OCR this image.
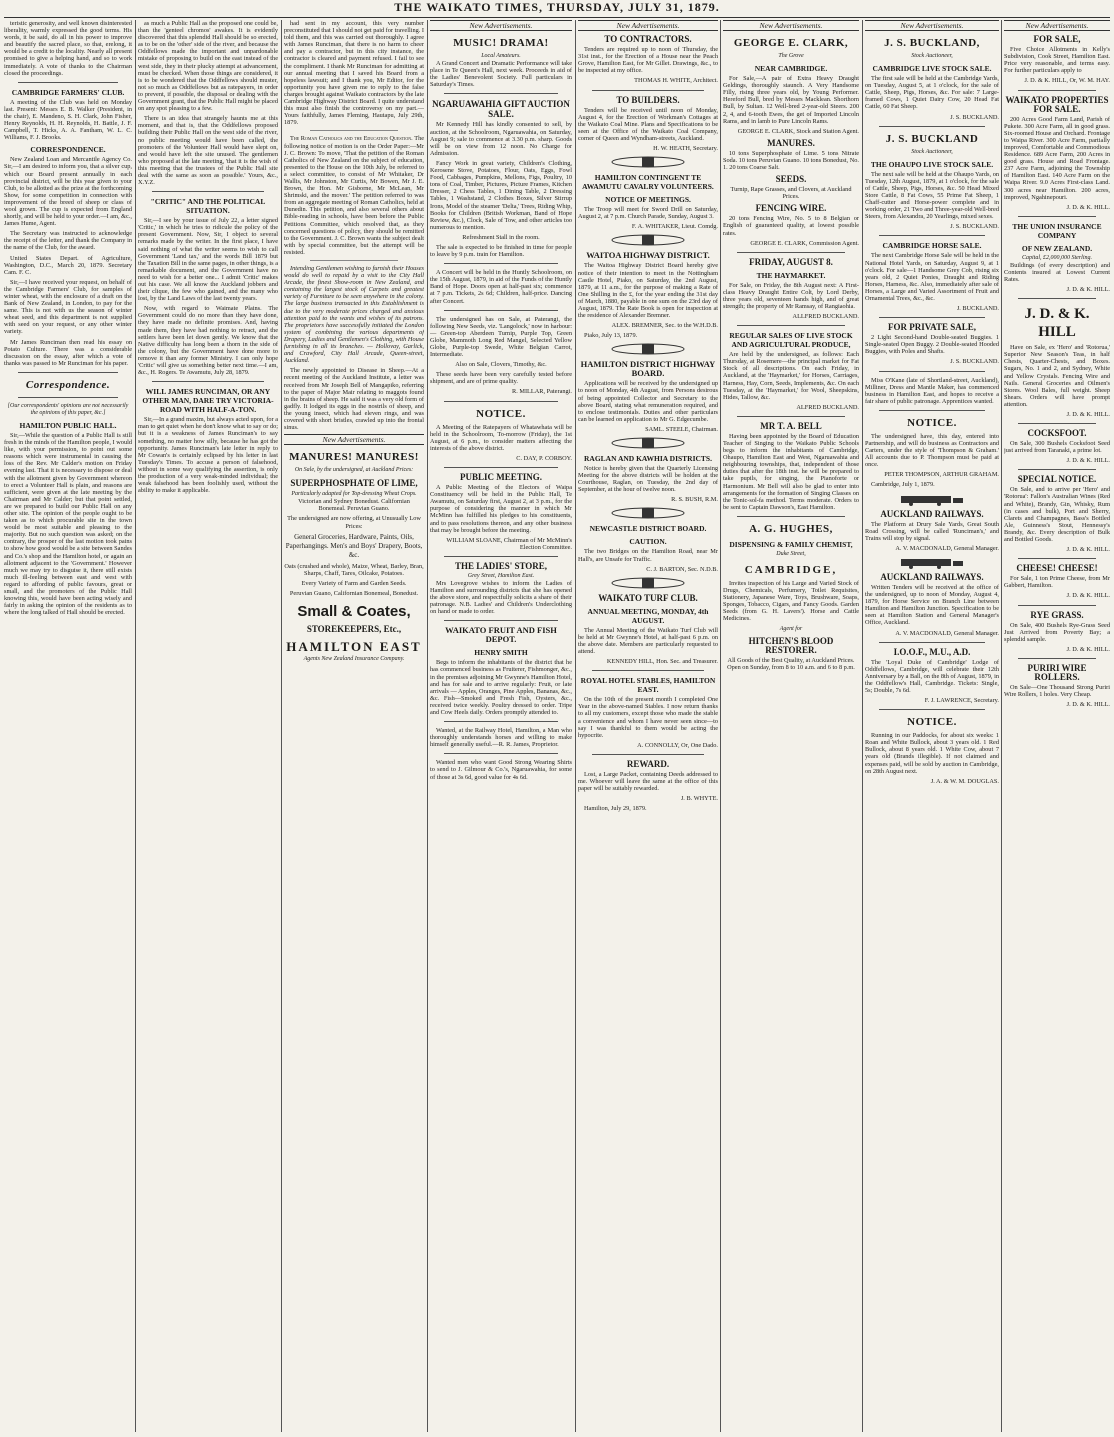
THE WAIKATO TIMES, THURSDAY, JULY 31, 1879.

teristic generosity, and well known disinterested liberality, warmly expressed the good terms. His words, it be said, do all in his power to improve and beautify the sacred place, so that, erelong, it would be a credit to the locality. Nearly all present promised to give a helping hand, and so to work immediately. A vote of thanks to the Chairman closed the proceedings.

CAMBRIDGE FARMERS' CLUB.

A meeting of the Club was held on Monday last. Present: Messrs E. B. Walker (President, in the chair), E. Mandeno, S. H. Clark, John Fisher, Henry Reynolds, H. H. Reynolds, H. Battle, J. F. Campbell, T. Hicks, A. A. Fantham, W. L. C. Williams, F. J. Brooks.

CORRESPONDENCE.

New Zealand Loan and Mercantile Agency Co. Sir,—I am desired to inform you, that a silver cup, which our Board present annually in each provincial district, will be this year given to your Club, to be allotted as the prize at the forthcoming Show, for some competition in connection with improvement of the breed of sheep or class of wool grown. The cup is expected from England shortly, and will be held to your order.—I am, &c., James Hume, Agent.

The Secretary was instructed to acknowledge the receipt of the letter, and thank the Company in the name of the Club, for the award.

United States Depart. of Agriculture, Washington, D.C., March 20, 1879. Secretary Cam. F. C.

Sir,—I have received your request, on behalf of the Cambridge Farmers' Club, for samples of winter wheat, with the enclosure of a draft on the Bank of New Zealand, in London, to pay for the same. This is not with us the season of winter wheat seed, and this department is not supplied with seed on your request, or any other winter variety.

Mr James Runciman then read his essay on Potato Culture. There was a considerable discussion on the essay, after which a vote of thanks was passed to Mr Runciman for his paper.

Correspondence.
[Our correspondents' opinions are not necessarily the opinions of this paper, &c.]
HAMILTON PUBLIC HALL.

Sir,—While the question of a Public Hall is still fresh in the minds of the Hamilton people, I would like, with your permission, to point out some reasons which were instrumental in causing the loss of the Rev. Mr Calder's motion on Friday evening last. That it is necessary to dispose or deal with the allotment given by Government whereon to erect a Volunteer Hall is plain, and reasons are sufficient, were given at the late meeting by the Chairman and Mr Calder; but that point settled, are we prepared to build our Public Hall on any other site. The opinion of the people ought to be taken as to which procurable site in the town would be most suitable and pleasing to the majority. But no such question was asked; on the contrary, the prosper of the last motion took pains to show how good would be a site between Sandes and Co.'s shop and the Hamilton hotel, or again an allotment adjacent to the 'Government.' However much we may try to disguise it, there still exists much ill-feeling between east and west with regard to affording of public favours, great or small, and the promoters of the Public Hall knowing this, would have been acting wisely and fairly in asking the opinion of the residents as to where the long talked of Hall should be erected.

as much a Public Hall as the proposed one could be, than the 'genteel chromos' awakes. It is evidently discovered that this splendid Hall should be so erected, as to be on the 'other' side of the river, and because the Oddfellows made the important and unpardonable mistake of proposing to build on the east instead of the west side, they in their plucky attempt at advancement, must be checked. When those things are considered, it is to be wondered that the Oddfellows should muster, not so much as Oddfellows but as ratepayers, in order to prevent, if possible, the disposal or dealing with the Government grant, that the Public Hall might be placed on any spot pleasing to a few.

There is an idea that strangely haunts me at this moment, and that is, that the Oddfellows proposed building their Public Hall on the west side of the river, no public meeting would have been called, the promoters of the Volunteer Hall would have slept on, and would have left the site unused. The gentlemen who proposed at the late meeting, 'that it is the wish of this meeting that the trustees of the Public Hall site deal with the same as soon as possible.' Yours, &c., X.Y.Z.

"CRITIC" AND THE POLITICAL SITUATION.

Sir,—I see by your issue of July 22, a letter signed 'Critic,' in which he tries to ridicule the policy of the present Government. Now, Sir, I object to several remarks made by the writer. In the first place, I have said nothing of what the writer seems to wish to call Government 'Land tax,' and the words Bill 1879 but the Taxation Bill in the same pages, in other things, is a remarkable document, and the Government have no need to wish for a better one... I admit 'Critic' makes out his case. We all know the Auckland jobbers and their clique, the few who gained, and the many who lost, by the Land Laws of the last twenty years.

Now, with regard to Waimate Plains. The Government could do no more than they have done, they have made no definite promises. And, having made them, they have had nothing to retract, and the settlers have been let down gently. We know that the Native difficulty has long been a thorn in the side of the colony, but the Government have done more to remove it than any former Ministry. I can only hope 'Critic' will give us something better next time.—I am, &c., H. Rogers. Te Awamutu, July 28, 1879.

WILL JAMES RUNCIMAN, OR ANY OTHER MAN, DARE TRY VICTORIA-ROAD WITH HALF-A-TON.

Sir,—In a grand maxim, but always acted upon, for a man to get quiet when he don't know what to say or do; but it is a weakness of James Runciman's to say something, no matter how silly, because he has got the opportunity. James Runciman's late letter in reply to Mr Cowan's is certainly eclipsed by his letter in last Tuesday's Times. To accuse a person of falsehood, without in some way qualifying the assertion, is only the production of a very weak-minded individual; the weak falsehood has been foolishly used, without the ability to make it applicable.

had sent in my account, this very number preconstituted that I should not get paid for travelling. I told them, and this was carried out thoroughly. I agree with James Runciman, that there is no harm to cheer and pay a contractor, but in this city instance, the contractor is cleared and payment refused. I fail to see the compliment. I thank Mr Runciman for admitting at our annual meeting that I saved his Board from a hopeless lawsuit; and I thank you, Mr Editor, for the opportunity you have given me to reply to the false charges brought against Waikato contractors by the late Cambridge Highway District Board. I quite understand this must also finish the controversy on my part.—Yours faithfully, James Fleming, Hautapu, July 29th, 1879.

The Roman Catholics and the Education Question. The following notice of motion is on the Order Paper:—Mr J. C. Brown: To move, 'That the petition of the Roman Catholics of New Zealand on the subject of education, presented to the House on the 10th July, be referred to a select committee, to consist of Mr Whitaker, Dr Wallis, Mr Johnston, Mr Curtis, Mr Bowen, Mr J. E. Brown, the Hon. Mr Gisborne, Mr McLean, Mr Shrimski, and the mover.' The petition referred to was from an aggregate meeting of Roman Catholics, held at Dunedin. This petition, and also several others about Bible-reading in schools, have been before the Public Petitions Committee, which resolved that, as they concerned questions of policy, they should be remitted to the Government. J. C. Brown wants the subject dealt with by special committee, but the attempt will be resisted.

Intending Gentlemen wishing to furnish their Houses would do well to repaid by a visit to the City Hall Arcade, the finest Show-room in New Zealand, and containing the largest stock of Carpets and greatest variety of Furniture to be seen anywhere in the colony. The large business transacted in this Establishment is due to the very moderate prices charged and anxious attention paid to the wants and wishes of its patrons. The proprietors have successfully initiated the London system of combining the various departments of Drapery, Ladies and Gentlemen's Clothing, with House furnishing in all its branches. — Hollovay, Garlick, and Crawford, City Hall Arcade, Queen-street, Auckland.

The newly appointed to Disease in Sheep.—At a recent meeting of the Auckland Institute, a letter was received from Mr Joseph Bell of Mangapiko, referring to the paper of Major Mair relating to maggots found in the brains of sheep. He said it was a very old form of gadfly. It lodged its eggs in the nostrils of sheep, and the young insect, which had eleven rings, and was covered with short bristles, crawled up into the frontal sinus.

New Advertisements.
MANURES! MANURES!
On Sale, by the undersigned, at Auckland Prices:
SUPERPHOSPHATE OF LIME,
Particularly adapted for Top-dressing Wheat Crops.

Victorian and Sydney Bonedust. Californian Bonemeal. Peruvian Guano.

The undersigned are now offering, at Unusually Low Prices:

General Groceries, Hardware, Paints, Oils, Paperhangings. Men's and Boys' Drapery, Boots, &c.

Oats (crushed and whole), Maize, Wheat, Barley, Bran, Sharps, Chaff, Tares, Oilcake, Potatoes.

Every Variety of Farm and Garden Seeds.

Peruvian Guano, Californian Bonemeal, Bonedust.

Small & Coates,
STOREKEEPERS, Etc.,
HAMILTON EAST
Agents New Zealand Insurance Company.
New Advertisements.
MUSIC! DRAMA!
Local Amateurs.

A Grand Concert and Dramatic Performance will take place in Te Queen's Hall, next week. Proceeds in aid of the Ladies' Benevolent Society. Full particulars in Saturday's Times.

NGARUAWAHIA GIFT AUCTION SALE.

Mr Kennedy Hill has kindly consented to sell, by auction, at the Schoolroom, Ngaruawahia, on Saturday, August 9; sale to commence at 3.30 p.m. sharp. Goods will be on view from 12 noon. No Charge for Admission.

Fancy Work in great variety, Children's Clothing, Kerosene Stove, Potatoes, Flour, Oats, Eggs, Fowl Food, Cabbages, Pumpkins, Mellons, Figs, Poultry, 10 tons of Coal, Timber, Pictures, Picture Frames, Kitchen Dresser, 2 Chess Tables, 1 Dining Table, 2 Dressing Tables, 1 Washstand, 2 Clothes Boxes, Silver Stirrup Irons, Model of the steamer 'Delta,' Trees, Riding Whip, Books for Children (British Workman, Band of Hope Review, &c.), Clock, Sale of Tow, and other articles too numerous to mention.

Refreshment Stall in the room.

The sale is expected to be finished in time for people to leave by 9 p.m. train for Hamilton.

A Concert will be held in the Huntly Schoolroom, on the 15th August, 1879, in aid of the Funds of the Huntly Band of Hope. Doors open at half-past six; commence at 7 p.m. Tickets, 2s 6d; Children, half-price. Dancing after Concert.

The undersigned has on Sale, at Paterangi, the following New Seeds, viz. 'Langolock,' now in harbour:— Green-top Aberdeen Turnip, Purple Top, Green Globe, Mammoth Long Red Mangel, Selected Yellow Globe, Purple-top Swede, White Belgian Carrot, Intermediate.

Also on Sale, Clovers, Timothy, &c.

These seeds have been very carefully tested before shipment, and are of prime quality.

R. MILLAR, Paterangi.
NOTICE.

A Meeting of the Ratepayers of Whatawhata will be held in the Schoolroom, To-morrow (Friday), the 1st August, at 6 p.m., to consider matters affecting the interests of the above district.

C. DAY, P. CORBOY.
PUBLIC MEETING.

A Public Meeting of the Electors of Waipa Constituency will be held in the Public Hall, Te Awamutu, on Saturday first, August 2, at 3 p.m., for the purpose of considering the manner in which Mr McMinn has fulfilled his pledges to his constituents, and to pass resolutions thereon, and any other business that may be brought before the meeting.

WILLIAM SLOANE, Chairman of Mr McMinn's Election Committee.
THE LADIES' STORE,
Grey Street, Hamilton East.

Mrs Lovegrove wishes to inform the Ladies of Hamilton and surrounding districts that she has opened the above store, and respectfully solicits a share of their patronage. N.B. Ladies' and Children's Underclothing on hand or made to order.

WAIKATO FRUIT AND FISH DEPOT.
HENRY SMITH

Begs to inform the inhabitants of the district that he has commenced business as Fruiterer, Fishmonger, &c., in the premises adjoining Mr Gwynne's Hamilton Hotel, and has for sale and to arrive regularly: Fruit, or late arrivals — Apples, Oranges, Pine Apples, Bananas, &c., &c. Fish—Smoked and Fresh Fish, Oysters, &c., received twice weekly. Poultry dressed to order. Tripe and Cow Heels daily. Orders promptly attended to.

Wanted, at the Railway Hotel, Hamilton, a Man who thoroughly understands horses and willing to make himself generally useful.—R. R. James, Proprietor.

Wanted men who want Good Strong Wearing Shirts to send to J. Gilmour & Co.'s, Ngaruawahia, for some of those at 3s 6d, good value for 4s 6d.

New Advertisements.
TO CONTRACTORS.

Tenders are required up to noon of Thursday, the 31st inst., for the Erection of a House near the Peach Grove, Hamilton East, for Mr Gillet. Drawings, &c., to be inspected at my office.

THOMAS H. WHITE, Architect.
TO BUILDERS.

Tenders will be received until noon of Monday, August 4, for the Erection of Workman's Cottages at the Waikato Coal Mine. Plans and Specifications to be seen at the Office of the Waikato Coal Company, corner of Queen and Wyndham-streets, Auckland.

H. W. HEATH, Secretary.
HAMILTON CONTINGENT TE AWAMUTU CAVALRY VOLUNTEERS.
NOTICE OF MEETINGS.

The Troop will meet for Sword Drill on Saturday, August 2, at 7 p.m. Church Parade, Sunday, August 3.

F. A. WHITAKER, Lieut. Comdg.
WAITOA HIGHWAY DISTRICT.

The Waitoa Highway District Board hereby give notice of their intention to meet in the Nottingham Castle Hotel, Piako, on Saturday, the 2nd August, 1879, at 11 a.m., for the purpose of making a Rate of One Shilling in the £, for the year ending the 31st day of March, 1880, payable in one sum on the 23rd day of August, 1879. The Rate Book is open for inspection at the residence of Alexander Bremner.

ALEX. BREMNER, Sec. to the W.H.D.B.

Piako, July 13, 1879.

HAMILTON DISTRICT HIGHWAY BOARD.

Applications will be received by the undersigned up to noon of Monday, 4th August, from Persons desirous of being appointed Collector and Secretary to the above Board, stating what remuneration required, and to enclose testimonials. Duties and other particulars can be learned on application to Mr G. Edgecumbe.

SAML. STEELE, Chairman.
RAGLAN AND KAWHIA DISTRICTS.

Notice is hereby given that the Quarterly Licensing Meeting for the above districts will be holden at the Courthouse, Raglan, on Tuesday, the 2nd day of September, at the hour of twelve noon.

R. S. BUSH, R.M.
NEWCASTLE DISTRICT BOARD.
CAUTION.

The two Bridges on the Hamilton Road, near Mr Hall's, are Unsafe for Traffic.

C. J. BARTON, Sec. N.D.B.
WAIKATO TURF CLUB.
ANNUAL MEETING, MONDAY, 4th AUGUST.

The Annual Meeting of the Waikato Turf Club will be held at Mr Gwynne's Hotel, at half-past 6 p.m. on the above date. Members are particularly requested to attend.

KENNEDY HILL, Hon. Sec. and Treasurer.
ROYAL HOTEL STABLES, HAMILTON EAST.

On the 10th of the present month I completed One Year in the above-named Stables. I now return thanks to all my customers, except those who made the stable a convenience and whom I have never seen since—to say I was thankful to them would be acting the hypocrite.

A. CONNOLLY, Or, One Dado.
REWARD.

Lost, a Large Packet, containing Deeds addressed to me. Whoever will leave the same at the office of this paper will be suitably rewarded.

J. B. WHYTE.

Hamilton, July 29, 1879.

New Advertisements.
GEORGE E. CLARK,
The Grove
NEAR CAMBRIDGE.

For Sale,—A pair of Extra Heavy Draught Geldings, thoroughly staunch. A Very Handsome Filly, rising three years old, by Young Performer. Hereford Bull, bred by Messrs Macklean. Shorthorn Bull, by Sultan. 12 Well-bred 2-year-old Steers. 200 2, 4, and 6-tooth Ewes, the get of Imported Lincoln Rams, and in lamb to Pure Lincoln Rams.

GEORGE E. CLARK, Stock and Station Agent.
MANURES.

10 tons Superphosphate of Lime. 5 tons Nitrate Soda. 10 tons Peruvian Guano. 10 tons Bonedust, No. 1. 20 tons Coarse Salt.

SEEDS.

Turnip, Rape Grasses, and Clovers, at Auckland Prices.

FENCING WIRE.

20 tons Fencing Wire, No. 5 to 8 Belgian or English of guaranteed quality, at lowest possible rates.

GEORGE E. CLARK, Commission Agent.
FRIDAY, AUGUST 8.
THE HAYMARKET.

For Sale, on Friday, the 8th August next: A First-class Heavy Draught Entire Colt, by Lord Derby, three years old, seventeen hands high, and of great strength; the property of Mr Ramsay, of Rangiaohia.

ALLFRED BUCKLAND.
REGULAR SALES OF LIVE STOCK AND AGRICULTURAL PRODUCE,

Are held by the undersigned, as follows: Each Thursday, at Rosemere—the principal market for Fat Stock of all descriptions. On each Friday, in Auckland, at the 'Haymarket,' for Horses, Carriages, Harness, Hay, Corn, Seeds, Implements, &c. On each Tuesday, at the 'Haymarket,' for Wool, Sheepskins, Hides, Tallow, &c.

ALFRED BUCKLAND.
MR T. A. BELL

Having been appointed by the Board of Education Teacher of Singing to the Waikato Public Schools begs to inform the inhabitants of Cambridge, Ohaupo, Hamilton East and West, Ngaruawahia and neighbouring townships, that, independent of those duties that after the 18th inst. he will be prepared to take pupils, for singing, the Pianoforte or Harmonium. Mr Bell will also be glad to enter into arrangements for the formation of Singing Classes on the Tonic-sol-fa method. Terms moderate. Orders to be sent to Captain Dawson's, East Hamilton.

A. G. HUGHES,
DISPENSING & FAMILY CHEMIST,
Duke Street,
CAMBRIDGE,

Invites inspection of his Large and Varied Stock of Drugs, Chemicals, Perfumery, Toilet Requisites, Stationery, Japanese Ware, Toys, Brushware, Soaps, Sponges, Tobacco, Cigars, and Fancy Goods. Garden Seeds (from G. H. Lavers'). Horse and Cattle Medicines.

Agent for
HITCHEN'S BLOOD RESTORER.

All Goods of the Best Quality, at Auckland Prices. Open on Sunday, from 8 to 10 a.m. and 6 to 8 p.m.

New Advertisements.
J. S. BUCKLAND,
Stock Auctioneer,
CAMBRIDGE LIVE STOCK SALE.

The first sale will be held at the Cambridge Yards, on Tuesday, August 5, at 1 o'clock, for the sale of Cattle, Sheep, Pigs, Horses, &c. For sale: 7 Large-framed Cows, 1 Quiet Dairy Cow, 20 Head Fat Cattle, 60 Fat Sheep.

J. S. BUCKLAND.
J. S. BUCKLAND
Stock Auctioneer,
THE OHAUPO LIVE STOCK SALE.

The next sale will be held at the Ohaupo Yards, on Tuesday, 12th August, 1879, at 1 o'clock, for the sale of Cattle, Sheep, Pigs, Horses, &c. 50 Head Mixed Store Cattle, 8 Fat Cows, 55 Prime Fat Sheep, 1 Chaff-cutter and Horse-power complete and in working order, 21 Two and Three-year-old Well-bred Steers, from Alexandra, 20 Yearlings, mixed sexes.

J. S. BUCKLAND.
CAMBRIDGE HORSE SALE.

The next Cambridge Horse Sale will be held in the National Hotel Yards, on Saturday, August 9, at 1 o'clock. For sale—1 Handsome Grey Cob, rising six years old, 2 Quiet Ponies, Draught and Riding Horses, Harness, &c. Also, immediately after sale of Horses, a Large and Varied Assortment of Fruit and Ornamental Trees, &c., &c.

J. BUCKLAND.
FOR PRIVATE SALE,

2 Light Second-hand Double-seated Buggies. 1 Single-seated Open Buggy. 2 Double-seated Hooded Buggies, with Poles and Shafts.

J. S. BUCKLAND.

Miss O'Kane (late of Shortland-street, Auckland), Milliner, Dress and Mantle Maker, has commenced business in Hamilton East, and hopes to receive a fair share of public patronage. Apprentices wanted.

NOTICE.

The undersigned have, this day, entered into Partnership, and will do business as Contractors and Carters, under the style of 'Thompson & Graham.' All accounts due to P. Thompson must be paid at once.

PETER THOMPSON, ARTHUR GRAHAM.

Cambridge, July 1, 1879.

AUCKLAND RAILWAYS.

The Platform at Drury Sale Yards, Great South Road Crossing, will be called 'Runciman's,' and Trains will stop by signal.

A. V. MACDONALD, General Manager.
AUCKLAND RAILWAYS.

Written Tenders will be received at the office of the undersigned, up to noon of Monday, August 4, 1879, for Horse Service on Branch Line between Hamilton and Hamilton Junction. Specification to be seen at Hamilton Station and General Manager's Office, Auckland.

A. V. MACDONALD, General Manager.
I.O.O.F., M.U., A.D.

The 'Loyal Duke of Cambridge' Lodge of Oddfellows, Cambridge, will celebrate their 12th Anniversary by a Ball, on the 8th of August, 1879, in the Oddfellow's Hall, Cambridge. Tickets: Single, 5s; Double, 7s 6d.

F. J. LAWRENCE, Secretary.
NOTICE.

Running in our Paddocks, for about six weeks: 1 Roan and White Bullock, about 3 years old. 1 Red Bullock, about 8 years old. 1 White Cow, about 7 years old (Brands illegible). If not claimed and expenses paid, will be sold by auction in Cambridge, on 28th August next.

J. A. & W. M. DOUGLAS.
New Advertisements.
FOR SALE,

Five Choice Allotments in Kelly's Subdivision, Cook Street, Hamilton East. Price very reasonable, and terms easy. For further particulars apply to

J. D. & K. HILL, Or, W. M. HAY.
WAIKATO PROPERTIES FOR SALE.

200 Acres Good Farm Land, Parish of Pukete. 300 Acre Farm, all in good grass. Six-roomed House and Orchard. Frontage to Waipa River. 300 Acre Farm, partially improved, Comfortable and Commodious Residence. 689 Acre Farm, 200 Acres in good grass. House and Road Frontage. 237 Acre Farm, adjoining the Township of Hamilton East. 140 Acre Farm on the Waipa River. 9.0 Acres First-class Land. 300 acres near Hamilton. 200 acres, improved, Ngahinepouri.

J. D. & K. HILL.
THE UNION INSURANCE COMPANY
OF NEW ZEALAND.
Capital, £2,000,000 Sterling.

Buildings (of every description) and Contents insured at Lowest Current Rates.

J. D. & K. HILL.
J. D. & K. HILL

Have on Sale, ex 'Hero' and 'Rotorua,' Superior New Season's Teas, in half Chests, Quarter-Chests, and Boxes. Sugars, No. 1 and 2, and Sydney, White and Yellow Crystals. Fencing Wire and Nails. General Groceries and Oilmen's Stores. Wool Bales, full weight. Sheep Shears. Orders will have prompt attention.

J. D. & K. HILL.
COCKSFOOT.

On Sale, 300 Bushels Cocksfoot Seed just arrived from Taranaki, a prime lot.

J. D. & K. HILL.
SPECIAL NOTICE.

On Sale, and to arrive per 'Hero' and 'Rotorua': Fallon's Australian Wines (Red and White), Brandy, Gin, Whisky, Rum (in cases and bulk), Port and Sherry, Clarets and Champagnes, Bass's Bottled Ale, Guinness's Stout, Hennessy's Brandy, &c. Every description of Bulk and Bottled Goods.

J. D. & K. HILL.
CHEESE! CHEESE!

For Sale, 1 ton Prime Cheese, from Mr Gabbert, Hamilton.

J. D. & K. HILL.
RYE GRASS.

On Sale, 400 Bushels Rye-Grass Seed Just Arrived from Poverty Bay; a splendid sample.

J. D. & K. HILL.
PURIRI WIRE ROLLERS.

On Sale—One Thousand Strong Puriri Wire Rollers, 1 holes. Very Cheap.

J. D. & K. HILL.
